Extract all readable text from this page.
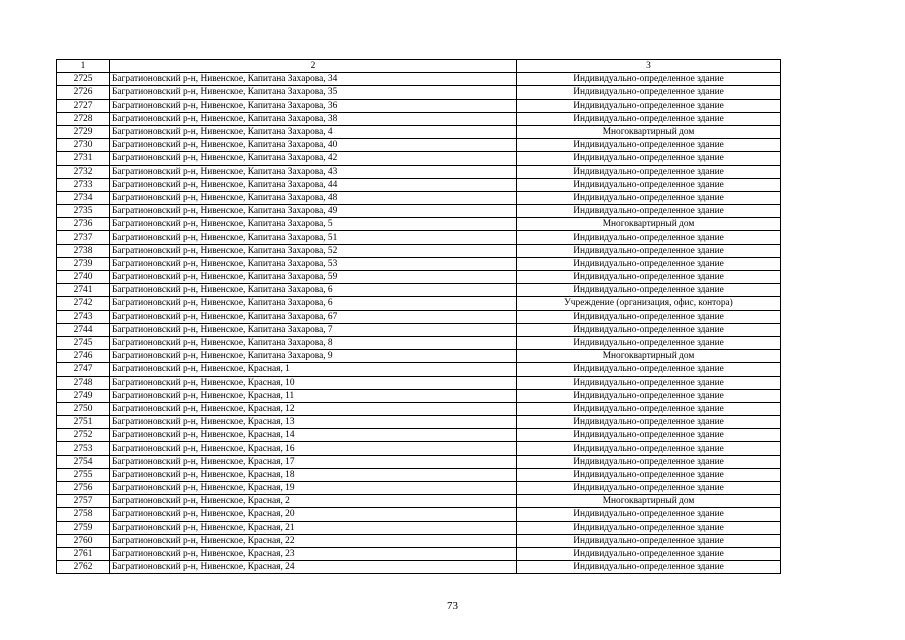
1	2	3
2725	Багратионовский р-н, Нивенское, Капитана Захарова, 34	Индивидуально-определенное здание
2726	Багратионовский р-н, Нивенское, Капитана Захарова, 35	Индивидуально-определенное здание
2727	Багратионовский р-н, Нивенское, Капитана Захарова, 36	Индивидуально-определенное здание
2728	Багратионовский р-н, Нивенское, Капитана Захарова, 38	Индивидуально-определенное здание
2729	Багратионовский р-н, Нивенское, Капитана Захарова, 4	Многоквартирный дом
2730	Багратионовский р-н, Нивенское, Капитана Захарова, 40	Индивидуально-определенное здание
2731	Багратионовский р-н, Нивенское, Капитана Захарова, 42	Индивидуально-определенное здание
2732	Багратионовский р-н, Нивенское, Капитана Захарова, 43	Индивидуально-определенное здание
2733	Багратионовский р-н, Нивенское, Капитана Захарова, 44	Индивидуально-определенное здание
2734	Багратионовский р-н, Нивенское, Капитана Захарова, 48	Индивидуально-определенное здание
2735	Багратионовский р-н, Нивенское, Капитана Захарова, 49	Индивидуально-определенное здание
2736	Багратионовский р-н, Нивенское, Капитана Захарова, 5	Многоквартирный дом
2737	Багратионовский р-н, Нивенское, Капитана Захарова, 51	Индивидуально-определенное здание
2738	Багратионовский р-н, Нивенское, Капитана Захарова, 52	Индивидуально-определенное здание
2739	Багратионовский р-н, Нивенское, Капитана Захарова, 53	Индивидуально-определенное здание
2740	Багратионовский р-н, Нивенское, Капитана Захарова, 59	Индивидуально-определенное здание
2741	Багратионовский р-н, Нивенское, Капитана Захарова, 6	Индивидуально-определенное здание
2742	Багратионовский р-н, Нивенское, Капитана Захарова, 6	Учреждение (организация, офис, контора)
2743	Багратионовский р-н, Нивенское, Капитана Захарова, 67	Индивидуально-определенное здание
2744	Багратионовский р-н, Нивенское, Капитана Захарова, 7	Индивидуально-определенное здание
2745	Багратионовский р-н, Нивенское, Капитана Захарова, 8	Индивидуально-определенное здание
2746	Багратионовский р-н, Нивенское, Капитана Захарова, 9	Многоквартирный дом
2747	Багратионовский р-н, Нивенское, Красная, 1	Индивидуально-определенное здание
2748	Багратионовский р-н, Нивенское, Красная, 10	Индивидуально-определенное здание
2749	Багратионовский р-н, Нивенское, Красная, 11	Индивидуально-определенное здание
2750	Багратионовский р-н, Нивенское, Красная, 12	Индивидуально-определенное здание
2751	Багратионовский р-н, Нивенское, Красная, 13	Индивидуально-определенное здание
2752	Багратионовский р-н, Нивенское, Красная, 14	Индивидуально-определенное здание
2753	Багратионовский р-н, Нивенское, Красная, 16	Индивидуально-определенное здание
2754	Багратионовский р-н, Нивенское, Красная, 17	Индивидуально-определенное здание
2755	Багратионовский р-н, Нивенское, Красная, 18	Индивидуально-определенное здание
2756	Багратионовский р-н, Нивенское, Красная, 19	Индивидуально-определенное здание
2757	Багратионовский р-н, Нивенское, Красная, 2	Многоквартирный дом
2758	Багратионовский р-н, Нивенское, Красная, 20	Индивидуально-определенное здание
2759	Багратионовский р-н, Нивенское, Красная, 21	Индивидуально-определенное здание
2760	Багратионовский р-н, Нивенское, Красная, 22	Индивидуально-определенное здание
2761	Багратионовский р-н, Нивенское, Красная, 23	Индивидуально-определенное здание
2762	Багратионовский р-н, Нивенское, Красная, 24	Индивидуально-определенное здание
73
